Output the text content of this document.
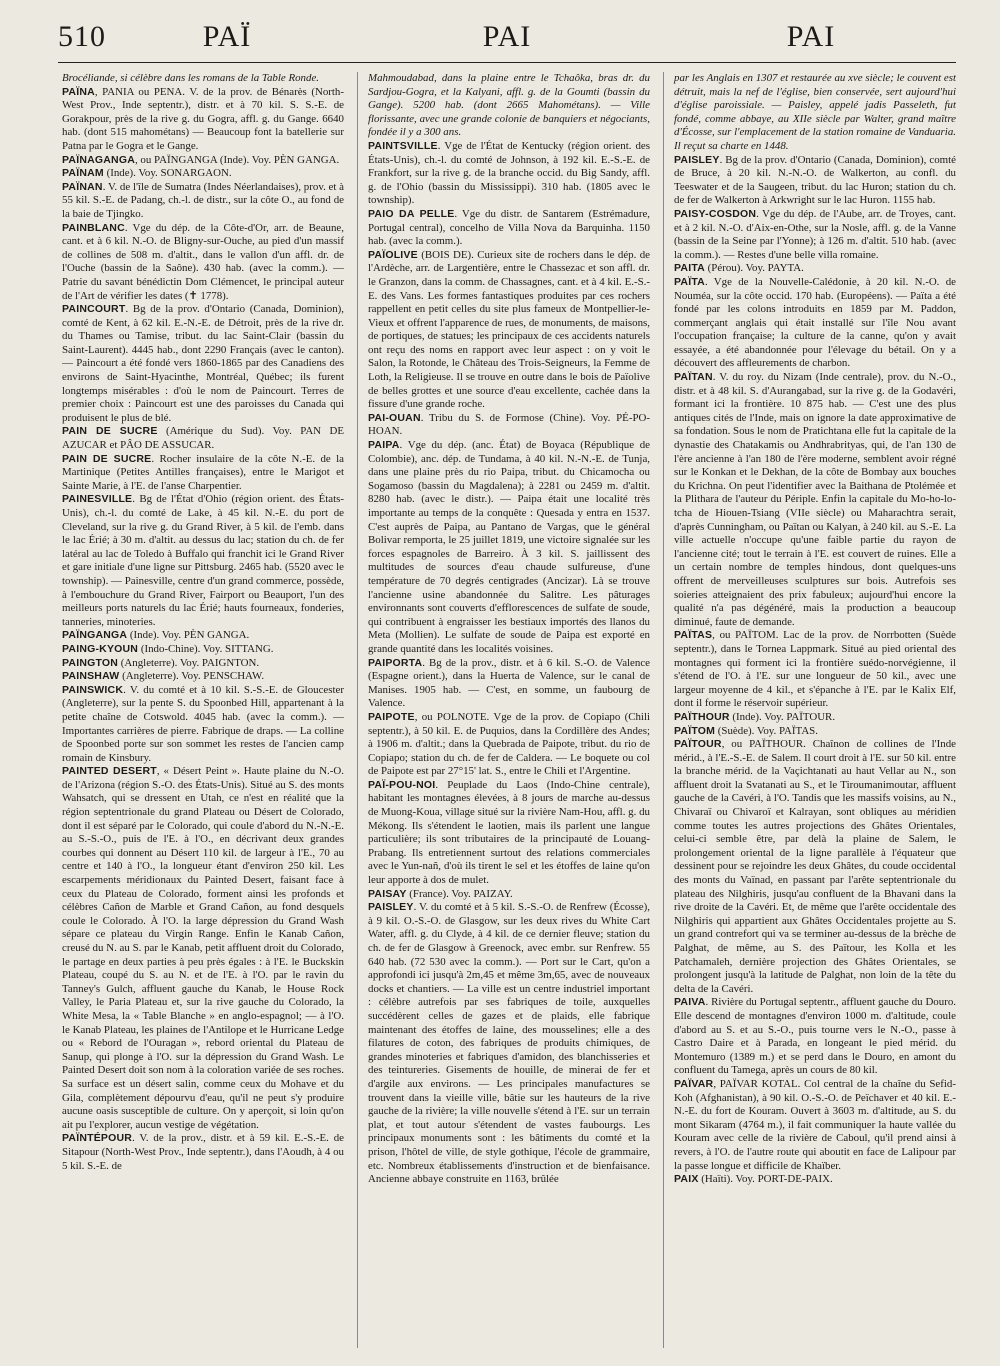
510	PAÏ	PAI	PAI

Brocéliande, si célèbre dans les romans de la Table Ronde.

PAÏNA, PANIA ou PENA. V. de la prov. de Bénarès (North-West Prov., Inde septentr.), distr. et à 70 kil. S. S.-E. de Gorakpour, près de la rive g. du Gogra, affl. g. du Gange. 6640 hab. (dont 515 mahométans) — Beaucoup font la batellerie sur Patna par le Gogra et le Gange.

PAÏNAGANGA, ou PAÏNGANGA (Inde). Voy. PÈN GANGA.

PAÏNAM (Inde). Voy. SONARGAON.

PAÏNAN. V. de l'île de Sumatra (Indes Néerlandaises), prov. et à 55 kil. S.-E. de Padang, ch.-l. de distr., sur la côte O., au fond de la baie de Tjingko.

PAINBLANC. Vge du dép. de la Côte-d'Or, arr. de Beaune, cant. et à 6 kil. N.-O. de Bligny-sur-Ouche, au pied d'un massif de collines de 508 m. d'altit., dans le vallon d'un affl. dr. de l'Ouche (bassin de la Saône). 430 hab. (avec la comm.). — Patrie du savant bénédictin Dom Clémencet, le principal auteur de l'Art de vérifier les dates (✝ 1778).

PAINCOURT. Bg de la prov. d'Ontario (Canada, Dominion), comté de Kent, à 62 kil. E.-N.-E. de Détroit, près de la rive dr. du Thames ou Tamise, tribut. du lac Saint-Clair (bassin du Saint-Laurent). 4445 hab., dont 2290 Français (avec le canton). — Paincourt a été fondé vers 1860-1865 par des Canadiens des environs de Saint-Hyacinthe, Montréal, Québec; ils furent longtemps misérables : d'où le nom de Paincourt. Terres de premier choix : Paincourt est une des paroisses du Canada qui produisent le plus de blé.

PAIN DE SUCRE (Amérique du Sud). Voy. PAN DE AZUCAR et PÂO DE ASSUCAR.

PAIN DE SUCRE. Rocher insulaire de la côte N.-E. de la Martinique (Petites Antilles françaises), entre le Marigot et Sainte Marie, à l'E. de l'anse Charpentier.

PAINESVILLE. Bg de l'État d'Ohio (région orient. des États-Unis), ch.-l. du comté de Lake, à 45 kil. N.-E. du port de Cleveland, sur la rive g. du Grand River, à 5 kil. de l'emb. dans le lac Érié; à 30 m. d'altit. au dessus du lac; station du ch. de fer latéral au lac de Toledo à Buffalo qui franchit ici le Grand River et gare initiale d'une ligne sur Pittsburg. 2465 hab. (5520 avec le township). — Painesville, centre d'un grand commerce, possède, à l'embouchure du Grand River, Fairport ou Beauport, l'un des meilleurs ports naturels du lac Érié; hauts fourneaux, fonderies, tanneries, minoteries.

PAÏNGANGA (Inde). Voy. PÈN GANGA.

PAING-KYOUN (Indo-Chine). Voy. SITTANG.

PAINGTON (Angleterre). Voy. PAIGNTON.

PAINSHAW (Angleterre). Voy. PENSCHAW.

PAINSWICK. V. du comté et à 10 kil. S.-S.-E. de Gloucester (Angleterre), sur la pente S. du Spoonbed Hill, appartenant à la petite chaîne de Cotswold. 4045 hab. (avec la comm.). — Importantes carrières de pierre. Fabrique de draps. — La colline de Spoonbed porte sur son sommet les restes de l'ancien camp romain de Kinsbury.

PAINTED DESERT, « Désert Peint ». Haute plaine du N.-O. de l'Arizona (région S.-O. des États-Unis). Situé au S. des monts Wahsatch, qui se dressent en Utah, ce n'est en réalité que la région septentrionale du grand Plateau ou Désert de Colorado, dont il est séparé par le Colorado, qui coule d'abord du N.-N.-E. au S.-S.-O., puis de l'E. à l'O., en décrivant deux grandes courbes qui donnent au Désert 110 kil. de largeur à l'E., 70 au centre et 140 à l'O., la longueur étant d'environ 250 kil. Les escarpements méridionaux du Painted Desert, faisant face à ceux du Plateau de Colorado, forment ainsi les profonds et célèbres Cañon de Marble et Grand Cañon, au fond desquels coule le Colorado. À l'O. la large dépression du Grand Wash sépare ce plateau du Virgin Range. Enfin le Kanab Cañon, creusé du N. au S. par le Kanab, petit affluent droit du Colorado, le partage en deux parties à peu près égales : à l'E. le Buckskin Plateau, coupé du S. au N. et de l'E. à l'O. par le ravin du Tanney's Gulch, affluent gauche du Kanab, le House Rock Valley, le Paria Plateau et, sur la rive gauche du Colorado, la White Mesa, la « Table Blanche » en anglo-espagnol; — à l'O. le Kanab Plateau, les plaines de l'Antilope et le Hurricane Ledge ou « Rebord de l'Ouragan », rebord oriental du Plateau de Sanup, qui plonge à l'O. sur la dépression du Grand Wash. Le Painted Desert doit son nom à la coloration variée de ses roches. Sa surface est un désert salin, comme ceux du Mohave et du Gila, complètement dépourvu d'eau, qu'il ne peut s'y produire aucune oasis susceptible de culture. On y aperçoit, si loin qu'on ait pu l'explorer, aucun vestige de végétation.

PAÏNTÉPOUR. V. de la prov., distr. et à 59 kil. E.-S.-E. de Sitapour (North-West Prov., Inde septentr.), dans l'Aoudh, à 4 ou 5 kil. S.-E. de

Mahmoudabad, dans la plaine entre le Tchaôka, bras dr. du Sardjou-Gogra, et la Kalyani, affl. g. de la Goumti (bassin du Gange). 5200 hab. (dont 2665 Mahométans). — Ville florissante, avec une grande colonie de banquiers et négociants, fondée il y a 300 ans.

PAINTSVILLE. Vge de l'État de Kentucky (région orient. des États-Unis), ch.-l. du comté de Johnson, à 192 kil. E.-S.-E. de Frankfort, sur la rive g. de la branche occid. du Big Sandy, affl. g. de l'Ohio (bassin du Mississippi). 310 hab. (1805 avec le township).

PAIO DA PELLE. Vge du distr. de Santarem (Estrémadure, Portugal central), concelho de Villa Nova da Barquinha. 1150 hab. (avec la comm.).

PAÏOLIVE (BOIS DE). Curieux site de rochers dans le dép. de l'Ardèche, arr. de Largentière, entre le Chassezac et son affl. dr. le Granzon, dans la comm. de Chassagnes, cant. et à 4 kil. E.-S.-E. des Vans. Les formes fantastiques produites par ces rochers rappellent en petit celles du site plus fameux de Montpellier-le-Vieux et offrent l'apparence de rues, de monuments, de maisons, de portiques, de statues; les principaux de ces accidents naturels ont reçu des noms en rapport avec leur aspect : on y voit le Salon, la Rotonde, le Château des Trois-Seigneurs, la Femme de Loth, la Religieuse. Il se trouve en outre dans le bois de Païolive de belles grottes et une source d'eau excellente, cachée dans la fissure d'une grande roche.

PAI-OUAN. Tribu du S. de Formose (Chine). Voy. PÉ-PO-HOAN.

PAIPA. Vge du dép. (anc. État) de Boyaca (République de Colombie), anc. dép. de Tundama, à 40 kil. N.-N.-E. de Tunja, dans une plaine près du rio Paipa, tribut. du Chicamocha ou Sogamoso (bassin du Magdalena); à 2281 ou 2459 m. d'altit. 8280 hab. (avec le distr.). — Paipa était une localité très importante au temps de la conquête : Quesada y entra en 1537. C'est auprès de Paipa, au Pantano de Vargas, que le général Bolivar remporta, le 25 juillet 1819, une victoire signalée sur les forces espagnoles de Barreiro. À 3 kil. S. jaillissent des multitudes de sources d'eau chaude sulfureuse, d'une température de 70 degrés centigrades (Ancizar). Là se trouve l'ancienne usine abandonnée du Salitre. Les pâturages environnants sont couverts d'efflorescences de sulfate de soude, qui contribuent à engraisser les bestiaux importés des llanos du Meta (Mollien). Le sulfate de soude de Paipa est exporté en grande quantité dans les localités voisines.

PAIPORTA. Bg de la prov., distr. et à 6 kil. S.-O. de Valence (Espagne orient.), dans la Huerta de Valence, sur le canal de Manises. 1905 hab. — C'est, en somme, un faubourg de Valence.

PAIPOTE, ou POLNOTE. Vge de la prov. de Copiapo (Chili septentr.), à 50 kil. E. de Puquios, dans la Cordillère des Andes; à 1906 m. d'altit.; dans la Quebrada de Paipote, tribut. du rio de Copiapo; station du ch. de fer de Caldera. — Le boquete ou col de Paipote est par 27°15' lat. S., entre le Chili et l'Argentine.

PAÏ-POU-NOI. Peuplade du Laos (Indo-Chine centrale), habitant les montagnes élevées, à 8 jours de marche au-dessus de Muong-Koua, village situé sur la rivière Nam-Hou, affl. g. du Mékong. Ils s'étendent le laotien, mais ils parlent une langue particulière; ils sont tributaires de la principauté de Louang-Prabang. Ils entretiennent surtout des relations commerciales avec le Yun-nañ, d'où ils tirent le sel et les étoffes de laine qu'on leur apporte à dos de mulet.

PAISAY (France). Voy. PAIZAY.

PAISLEY. V. du comté et à 5 kil. S.-S.-O. de Renfrew (Écosse), à 9 kil. O.-S.-O. de Glasgow, sur les deux rives du White Cart Water, affl. g. du Clyde, à 4 kil. de ce dernier fleuve; station du ch. de fer de Glasgow à Greenock, avec embr. sur Renfrew. 55 640 hab. (72 530 avec la comm.). — Port sur le Cart, qu'on a approfondi ici jusqu'à 2m,45 et même 3m,65, avec de nouveaux docks et chantiers. — La ville est un centre industriel important : célèbre autrefois par ses fabriques de toile, auxquelles succédèrent celles de gazes et de plaids, elle fabrique maintenant des étoffes de laine, des mousselines; elle a des filatures de coton, des fabriques de produits chimiques, de grandes minoteries et fabriques d'amidon, des blanchisseries et des teintureries. Gisements de houille, de minerai de fer et d'argile aux environs. — Les principales manufactures se trouvent dans la vieille ville, bâtie sur les hauteurs de la rive gauche de la rivière; la ville nouvelle s'étend à l'E. sur un terrain plat, et tout autour s'étendent de vastes faubourgs. Les principaux monuments sont : les bâtiments du comté et la prison, l'hôtel de ville, de style gothique, l'école de grammaire, etc. Nombreux établissements d'instruction et de bienfaisance. Ancienne abbaye construite en 1163, brûlée

par les Anglais en 1307 et restaurée au xve siècle; le couvent est détruit, mais la nef de l'église, bien conservée, sert aujourd'hui d'église paroissiale. — Paisley, appelé jadis Passeleth, fut fondé, comme abbaye, au XIIe siècle par Walter, grand maître d'Écosse, sur l'emplacement de la station romaine de Vanduaria. Il reçut sa charte en 1448.

PAISLEY. Bg de la prov. d'Ontario (Canada, Dominion), comté de Bruce, à 20 kil. N.-N.-O. de Walkerton, au confl. du Teeswater et de la Saugeen, tribut. du lac Huron; station du ch. de fer de Walkerton à Arkwright sur le lac Huron. 1155 hab.

PAISY-COSDON. Vge du dép. de l'Aube, arr. de Troyes, cant. et à 2 kil. N.-O. d'Aix-en-Othe, sur la Nosle, affl. g. de la Vanne (bassin de la Seine par l'Yonne); à 126 m. d'altit. 510 hab. (avec la comm.). — Restes d'une belle villa romaine.

PAITA (Pérou). Voy. PAYTA.

PAÏTA. Vge de la Nouvelle-Calédonie, à 20 kil. N.-O. de Nouméa, sur la côte occid. 170 hab. (Européens). — Païta a été fondé par les colons introduits en 1859 par M. Paddon, commerçant anglais qui était installé sur l'île Nou avant l'occupation française; la culture de la canne, qu'on y avait essayée, a été abandonnée pour l'élevage du bétail. On y a découvert des affleurements de charbon.

PAÏTAN. V. du roy. du Nizam (Inde centrale), prov. du N.-O., distr. et à 48 kil. S. d'Aurangabad, sur la rive g. de la Godavéri, formant ici la frontière. 10 875 hab. — C'est une des plus antiques cités de l'Inde, mais on ignore la date approximative de sa fondation. Sous le nom de Pratichtana elle fut la capitale de la dynastie des Chatakamis ou Andhrabrityas, qui, de l'an 130 de l'ère ancienne à l'an 180 de l'ère moderne, semblent avoir régné sur le Konkan et le Dekhan, de la côte de Bombay aux bouches du Krichna. On peut l'identifier avec la Baithana de Ptolémée et la Plithara de l'auteur du Périple. Enfin la capitale du Mo-ho-lo-tcha de Hiouen-Tsiang (VIIe siècle) ou Maharachtra serait, d'après Cunningham, ou Païtan ou Kalyan, à 240 kil. au S.-E. La ville actuelle n'occupe qu'une faible partie du rayon de l'ancienne cité; tout le terrain à l'E. est couvert de ruines. Elle a un certain nombre de temples hindous, dont quelques-uns offrent de merveilleuses sculptures sur bois. Autrefois ses soieries atteignaient des prix fabuleux; aujourd'hui encore la qualité n'a pas dégénéré, mais la production a beaucoup diminué, faute de demande.

PAÏTAS, ou PAÏTOM. Lac de la prov. de Norrbotten (Suède septentr.), dans le Tornea Lappmark. Situé au pied oriental des montagnes qui forment ici la frontière suédo-norvégienne, il s'étend de l'O. à l'E. sur une longueur de 50 kil., avec une largeur moyenne de 4 kil., et s'épanche à l'E. par le Kalix Elf, dont il forme le réservoir supérieur.

PAÏTHOUR (Inde). Voy. PAÏTOUR.

PAÏTOM (Suède). Voy. PAÏTAS.

PAÏTOUR, ou PAÏTHOUR. Chaînon de collines de l'Inde mérid., à l'E.-S.-E. de Salem. Il court droit à l'E. sur 50 kil. entre la branche mérid. de la Vaçichtanati au haut Vellar au N., son affluent droit la Svatanati au S., et le Tiroumanimoutar, affluent gauche de la Cavéri, à l'O. Tandis que les massifs voisins, au N., Chivaraï ou Chivaroï et Kalrayan, sont obliques au méridien comme toutes les autres projections des Ghâtes Orientales, celui-ci semble être, par delà la plaine de Salem, le prolongement oriental de la ligne parallèle à l'équateur que dessinent pour se rejoindre les deux Ghâtes, du coude occidental des monts du Vaïnad, en passant par l'arête septentrionale du plateau des Nilghiris, jusqu'au confluent de la Bhavani dans la rive droite de la Cavéri. Et, de même que l'arête occidentale des Nilghiris qui appartient aux Ghâtes Occidentales projette au S. un grand contrefort qui va se terminer au-dessus de la brèche de Palghat, de même, au S. des Païtour, les Kolla et les Patchamaleh, dernière projection des Ghâtes Orientales, se prolongent jusqu'à la latitude de Palghat, non loin de la tête du delta de la Cavéri.

PAIVA. Rivière du Portugal septentr., affluent gauche du Douro. Elle descend de montagnes d'environ 1000 m. d'altitude, coule d'abord au S. et au S.-O., puis tourne vers le N.-O., passe à Castro Daire et à Parada, en longeant le pied mérid. du Montemuro (1389 m.) et se perd dans le Douro, en amont du confluent du Tamega, après un cours de 80 kil.

PAÏVAR, PAÏVAR KOTAL. Col central de la chaîne du Sefid-Koh (Afghanistan), à 90 kil. O.-S.-O. de Peïchaver et 40 kil. E.-N.-E. du fort de Kouram. Ouvert à 3603 m. d'altitude, au S. du mont Sikaram (4764 m.), il fait communiquer la haute vallée du Kouram avec celle de la rivière de Caboul, qu'il prend ainsi à revers, à l'O. de l'autre route qui aboutit en face de Lalipour par la passe longue et difficile de Khaïber.

PAIX (Haïti). Voy. PORT-DE-PAIX.
